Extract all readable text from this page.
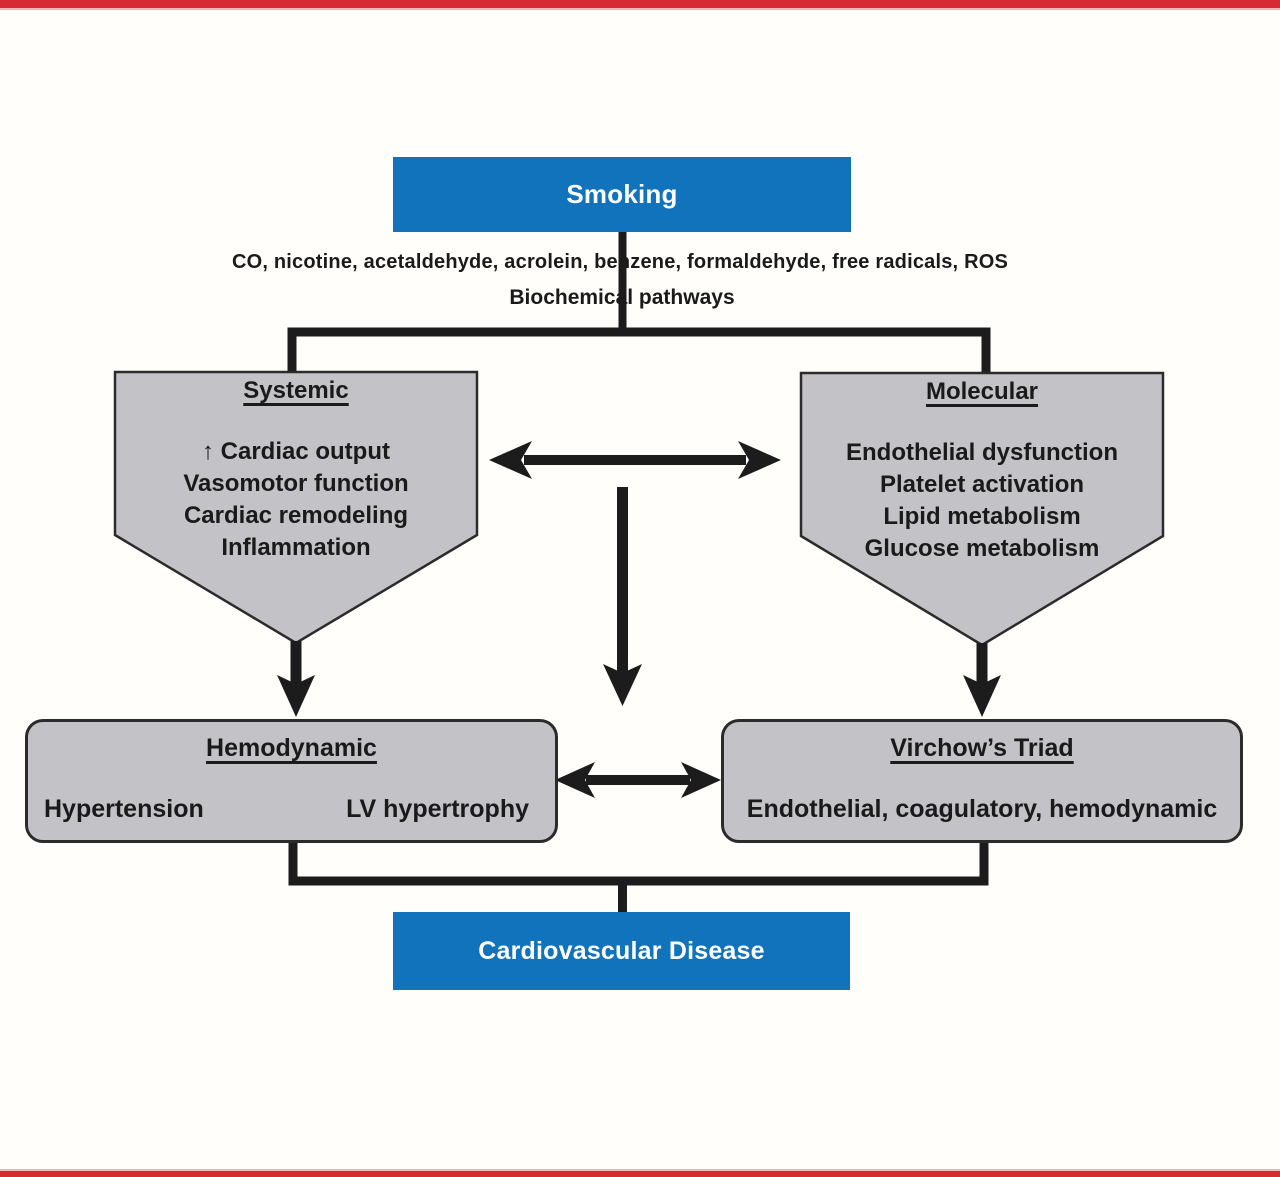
Smoking
CO, nicotine, acetaldehyde, acrolein, benzene, formaldehyde, free radicals, ROS
Biochemical pathways
Systemic
↑ Cardiac output
Vasomotor function
Cardiac remodeling
Inflammation
Molecular
Endothelial dysfunction
Platelet activation
Lipid metabolism
Glucose metabolism
Hemodynamic
Hypertension	LV hypertrophy
Virchow’s Triad
Endothelial, coagulatory, hemodynamic
Cardiovascular Disease
